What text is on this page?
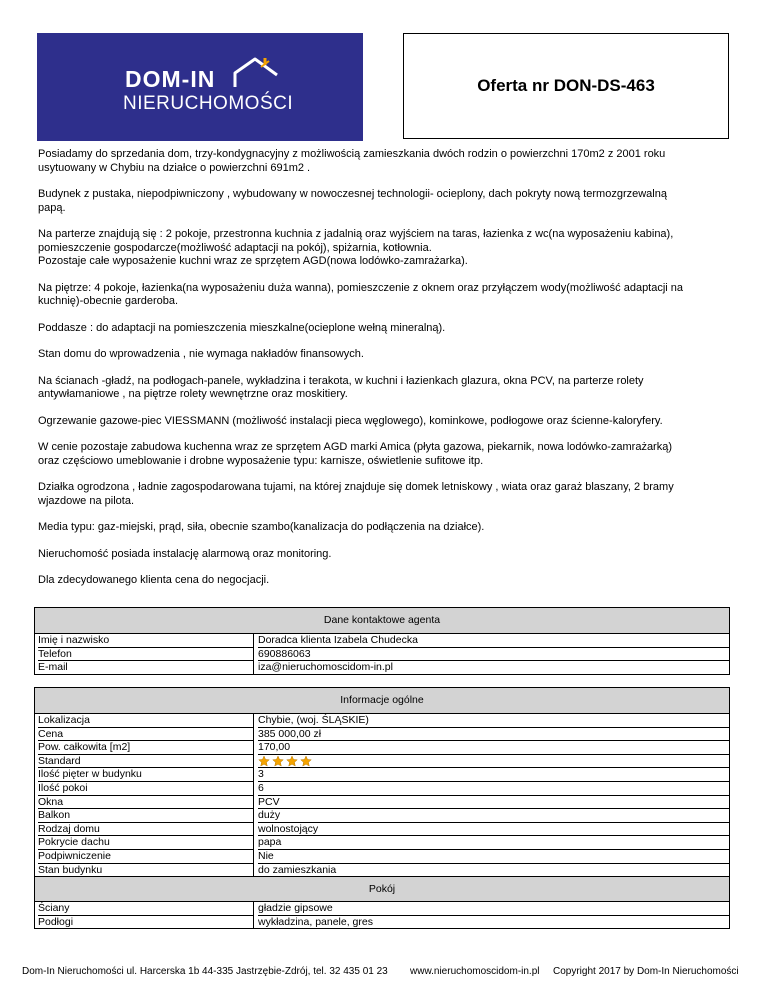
DOM-IN
NIERUCHOMOŚCI
Oferta nr DON-DS-463

Posiadamy do sprzedania dom, trzy-kondygnacyjny z możliwością zamieszkania dwóch rodzin o powierzchni 170m2 z 2001 roku
usytuowany w Chybiu na działce o powierzchni 691m2 .

Budynek z pustaka, niepodpiwniczony , wybudowany w nowoczesnej technologii- ocieplony, dach pokryty nową termozgrzewalną
papą.

Na parterze znajdują się : 2 pokoje, przestronna kuchnia z jadalnią oraz wyjściem na taras, łazienka z wc(na wyposażeniu kabina),
pomieszczenie gospodarcze(możliwość adaptacji na pokój), spiżarnia, kotłownia.
Pozostaje całe wyposażenie kuchni wraz ze sprzętem AGD(nowa lodówko-zamrażarka).

Na piętrze: 4 pokoje, łazienka(na wyposażeniu duża wanna), pomieszczenie z oknem oraz przyłączem wody(możliwość adaptacji na
kuchnię)-obecnie garderoba.

Poddasze : do adaptacji na pomieszczenia mieszkalne(ocieplone wełną mineralną).

Stan domu do wprowadzenia , nie wymaga nakładów finansowych.

Na ścianach -gładź, na podłogach-panele, wykładzina i terakota, w kuchni i łazienkach glazura, okna PCV, na parterze rolety
antywłamaniowe , na piętrze rolety wewnętrzne oraz moskitiery.

Ogrzewanie gazowe-piec VIESSMANN (możliwość instalacji pieca węglowego), kominkowe, podłogowe oraz ścienne-kaloryfery.

W cenie pozostaje zabudowa kuchenna wraz ze sprzętem AGD marki Amica (płyta gazowa, piekarnik, nowa lodówko-zamrażarką)
oraz częściowo umeblowanie i drobne wyposażenie typu: karnisze, oświetlenie sufitowe itp.

Działka ogrodzona , ładnie zagospodarowana tujami, na której znajduje się domek letniskowy , wiata oraz garaż blaszany, 2 bramy
wjazdowe na pilota.

Media typu: gaz-miejski, prąd, siła, obecnie szambo(kanalizacja do podłączenia na działce).

Nieruchomość posiada instalację alarmową oraz monitoring.

Dla zdecydowanego klienta cena do negocjacji.

Dane kontaktowe agenta
Imię i nazwisko
Telefon
E-mail
Doradca klienta Izabela Chudecka
690886063
iza@nieruchomoscidom-in.pl
Informacje ogólne
Lokalizacja
Cena
Pow. całkowita [m2]
Standard
Ilość pięter w budynku
Ilość pokoi
Okna
Balkon
Rodzaj domu
Pokrycie dachu
Podpiwniczenie
Stan budynku
Chybie, (woj. ŚLĄSKIE)
385 000,00 zł
170,00
3
6
PCV
duży
wolnostojący
papa
Nie
do zamieszkania
Pokój
Ściany
Podłogi
gładzie gipsowe
wykładzina, panele, gres
Dom-In Nieruchomości ul. Harcerska 1b 44-335 Jastrzębie-Zdrój, tel. 32 435 01 23 www.nieruchomoscidom-in.pl Copyright 2017 by Dom-In Nieruchomości
